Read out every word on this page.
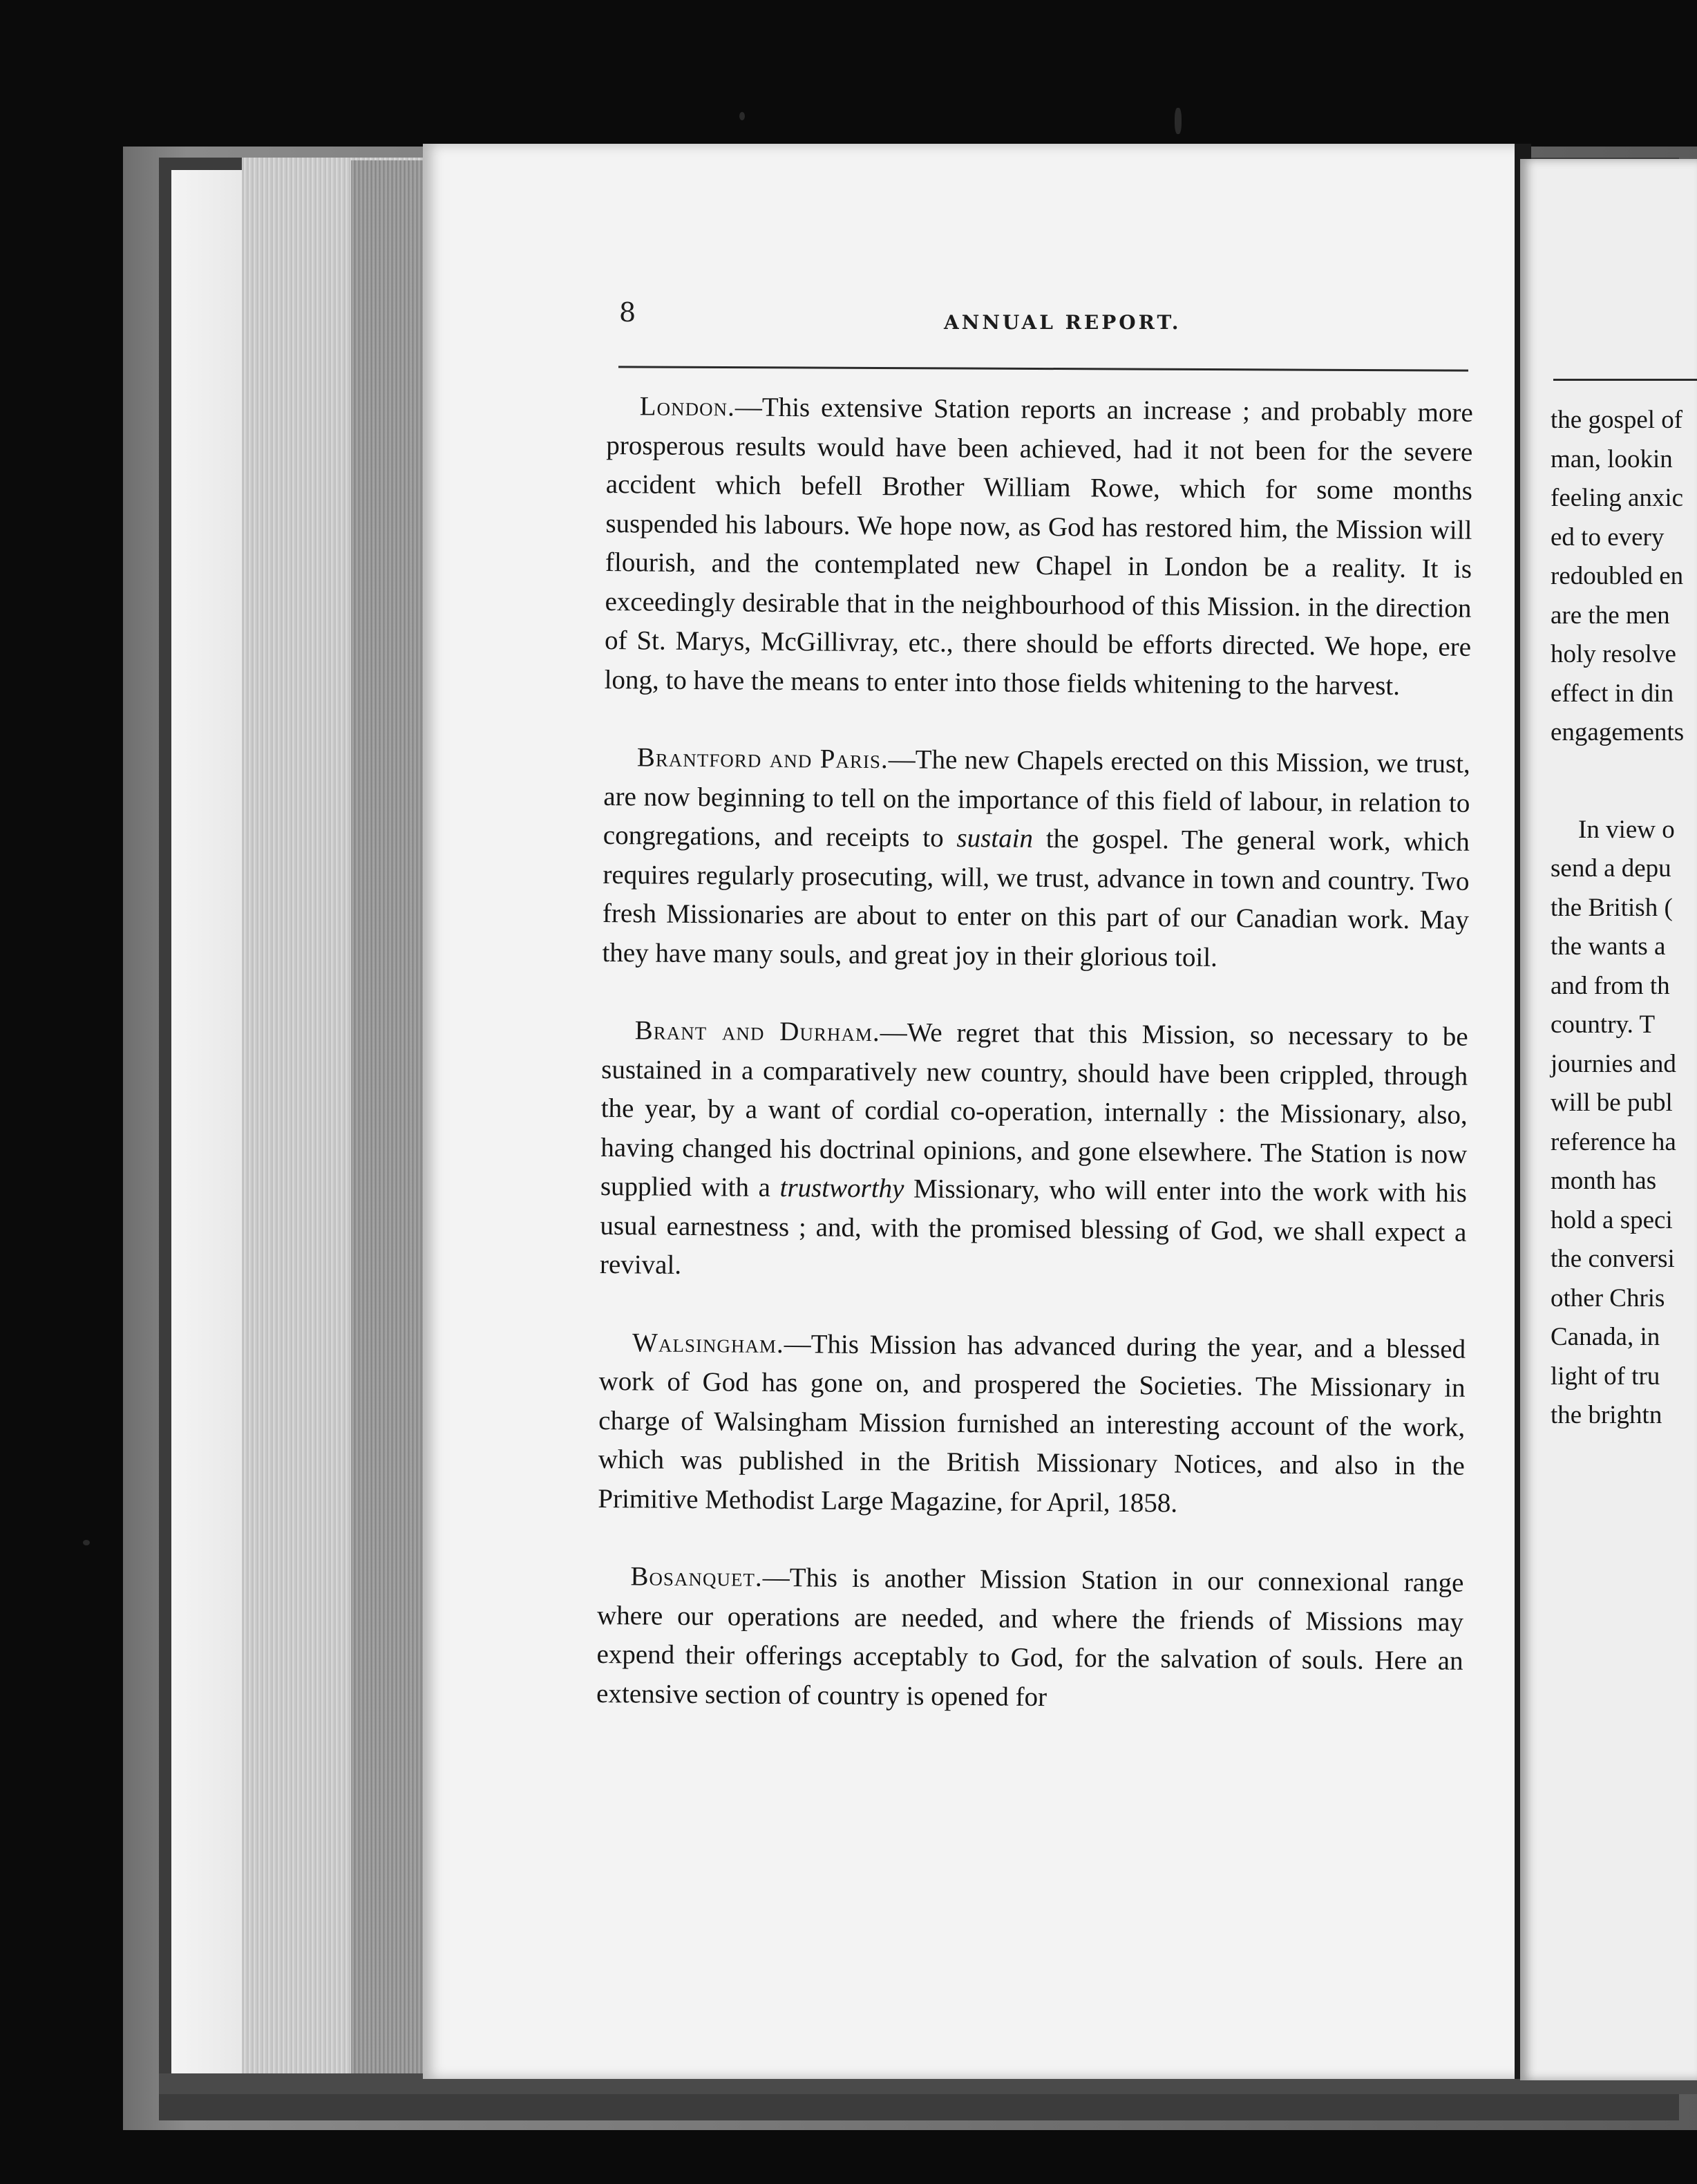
the gospel of
man, lookin
feeling anxic
ed to every
redoubled en
are the men
holy resolve
effect in din
engagements
In view o
send a depu
the British (
the wants a
and from th
country. T
journies and
will be publ
reference ha
month has
hold a speci
the conversi
other Chris
Canada, in
light of tru
the brightn

8	ANNUAL REPORT.

London.—This extensive Station reports an increase ; and probably more prosperous results would have been achieved, had it not been for the severe accident which befell Brother William Rowe, which for some months suspended his labours. We hope now, as God has restored him, the Mission will flourish, and the contemplated new Chapel in London be a reality. It is exceedingly desirable that in the neighbourhood of this Mission. in the direction of St. Marys, McGillivray, etc., there should be efforts directed. We hope, ere long, to have the means to enter into those fields whitening to the harvest.

Brantford and Paris.—The new Chapels erected on this Mission, we trust, are now beginning to tell on the importance of this field of labour, in relation to congregations, and receipts to sustain the gospel. The general work, which requires regularly prosecuting, will, we trust, advance in town and country. Two fresh Missionaries are about to enter on this part of our Canadian work. May they have many souls, and great joy in their glorious toil.

Brant and Durham.—We regret that this Mission, so necessary to be sustained in a comparatively new country, should have been crippled, through the year, by a want of cordial co-operation, internally : the Missionary, also, having changed his doctrinal opinions, and gone elsewhere. The Station is now supplied with a trustworthy Missionary, who will enter into the work with his usual earnestness ; and, with the promised blessing of God, we shall expect a revival.

Walsingham.—This Mission has advanced during the year, and a blessed work of God has gone on, and prospered the Societies. The Missionary in charge of Walsingham Mission furnished an interesting account of the work, which was published in the British Missionary Notices, and also in the Primitive Methodist Large Magazine, for April, 1858.

Bosanquet.—This is another Mission Station in our connexional range where our operations are needed, and where the friends of Missions may expend their offerings acceptably to God, for the salvation of souls. Here an extensive section of country is opened for
